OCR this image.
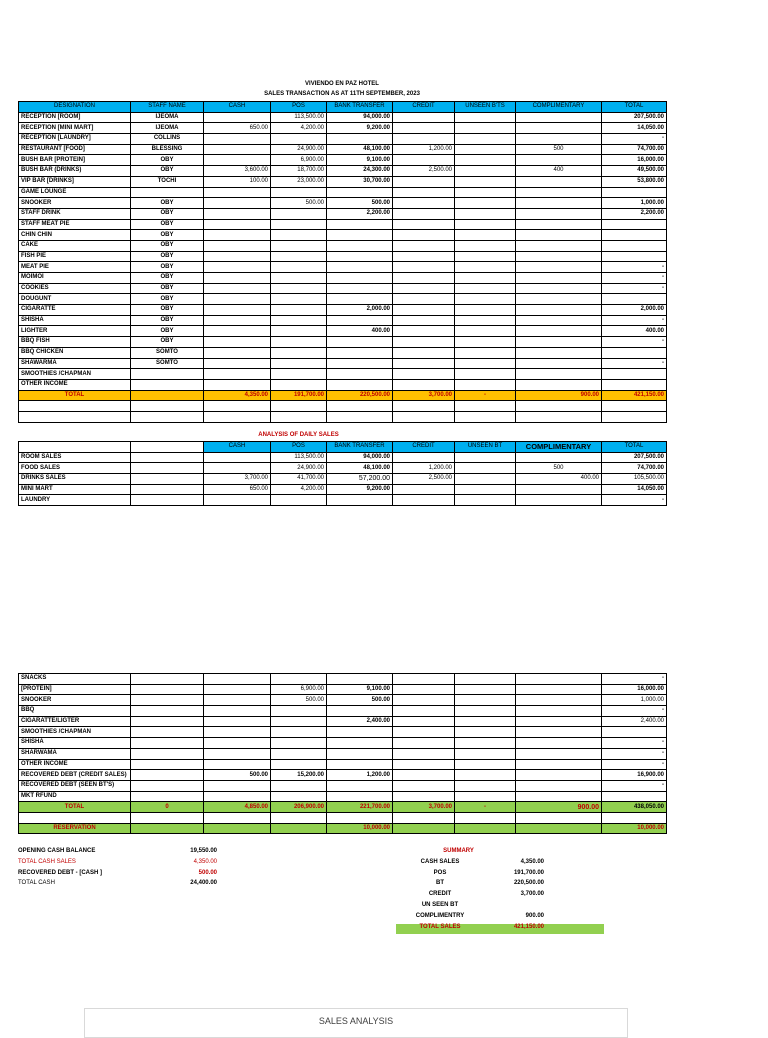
VIVIENDO EN PAZ HOTEL
SALES TRANSACTION AS AT 11TH SEPTEMBER, 2023
DESIGNATION	STAFF NAME	CASH	POS	BANK TRANSFER	CREDIT	UNSEEN B'TS	COMPLIMENTARY	TOTAL
RECEPTION [ROOM]	IJEOMA		113,500.00	94,000.00				207,500.00
RECEPTION [MINI MART]	IJEOMA	650.00	4,200.00	9,200.00				14,050.00
RECEPTION [LAUNDRY]	COLLINS							-
RESTAURANT [FOOD]	BLESSING		24,900.00	48,100.00	1,200.00		500	74,700.00
BUSH BAR [PROTEIN]	OBY		6,900.00	9,100.00				16,000.00
BUSH BAR (DRINKS)	OBY	3,600.00	18,700.00	24,300.00	2,500.00		400	49,500.00
VIP BAR [DRINKS]	TOCHI	100.00	23,000.00	30,700.00				53,800.00
GAME LOUNGE								
SNOOKER	OBY		500.00	500.00				1,000.00
STAFF DRINK	OBY			2,200.00				2,200.00
STAFF MEAT PIE	OBY							
CHIN CHIN	OBY							
CAKE	OBY							
FISH PIE	OBY							
MEAT PIE	OBY							-
MOIMOI	OBY							-
COOKIES	OBY							-
DOUGUNT	OBY							
CIGARATTE	OBY			2,000.00				2,000.00
SHISHA	OBY							-
LIGHTER	OBY			400.00				400.00
BBQ FISH	OBY							-
BBQ CHICKEN	SOMTO							
SHAWARMA	SOMTO							-
SMOOTHIES /CHAPMAN								
OTHER INCOME								
TOTAL		4,350.00	191,700.00	220,500.00	3,700.00	-	900.00	421,150.00

ANALYSIS OF DAILY SALES
		CASH	POS	BANK TRANSFER	CREDIT	UNSEEN BT	COMPLIMENTARY	TOTAL
ROOM SALES			113,500.00	94,000.00				207,500.00
FOOD SALES			24,900.00	48,100.00	1,200.00		500	74,700.00
DRINKS SALES		3,700.00	41,700.00	57,200.00	2,500.00		400.00	105,500.00
MINI MART		650.00	4,200.00	9,200.00				14,050.00
LAUNDRY								-
SNACKS								-
[PROTEIN]			6,900.00	9,100.00				16,000.00
SNOOKER			500.00	500.00				1,000.00
BBQ								-
CIGARATTE/LIGTER				2,400.00				2,400.00
SMOOTHIES /CHAPMAN								
SHISHA								-
SHARWAMA								-
OTHER INCOME								-
RECOVERED DEBT (CREDIT SALES)		500.00	15,200.00	1,200.00				16,900.00
RECOVERED DEBT (SEEN BT'S)								-
MKT RFUND								
TOTAL	0	4,850.00	206,900.00	221,700.00	3,700.00	-	900.00	438,050.00

RESERVATION				10,000.00				10,000.00
OPENING CASH BALANCE	19,550.00
TOTAL CASH SALES	4,350.00
RECOVERED DEBT - [CASH ]	500.00
TOTAL CASH	24,400.00
SUMMARY
CASH SALES	4,350.00
POS	191,700.00
BT	220,500.00
CREDIT	3,700.00
UN SEEN BT
COMPLIMENTRY	900.00
TOTAL SALES	421,150.00
SALES ANALYSIS
